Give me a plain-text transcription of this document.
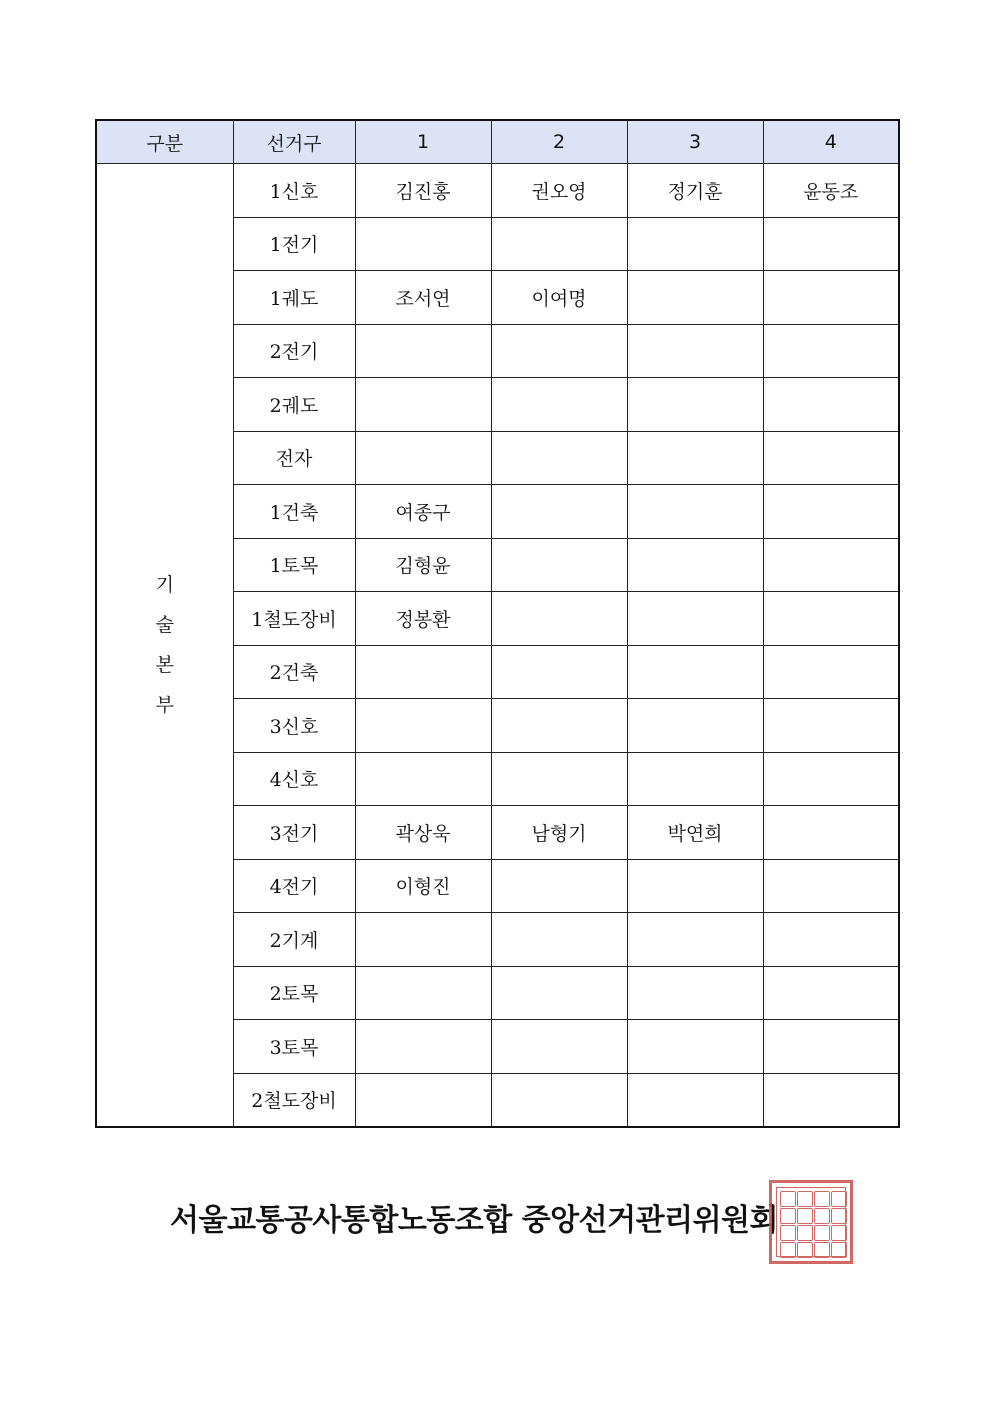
구분	선거구	1	2	3	4

기
술
본
부	1신호	김진홍	권오영	정기훈	윤동조
	1전기				
	1궤도	조서연	이여명		
	2전기				
	2궤도				
	전자				
	1건축	여종구			
	1토목	김형윤			
	1철도장비	정봉환			
	2건축				
	3신호				
	4신호				
	3전기	곽상욱	남형기	박연희	
	4전기	이형진			
	2기계				
	2토목				
	3토목				
	2철도장비				
서울교통공사통합노동조합 중앙선거관리위원회
